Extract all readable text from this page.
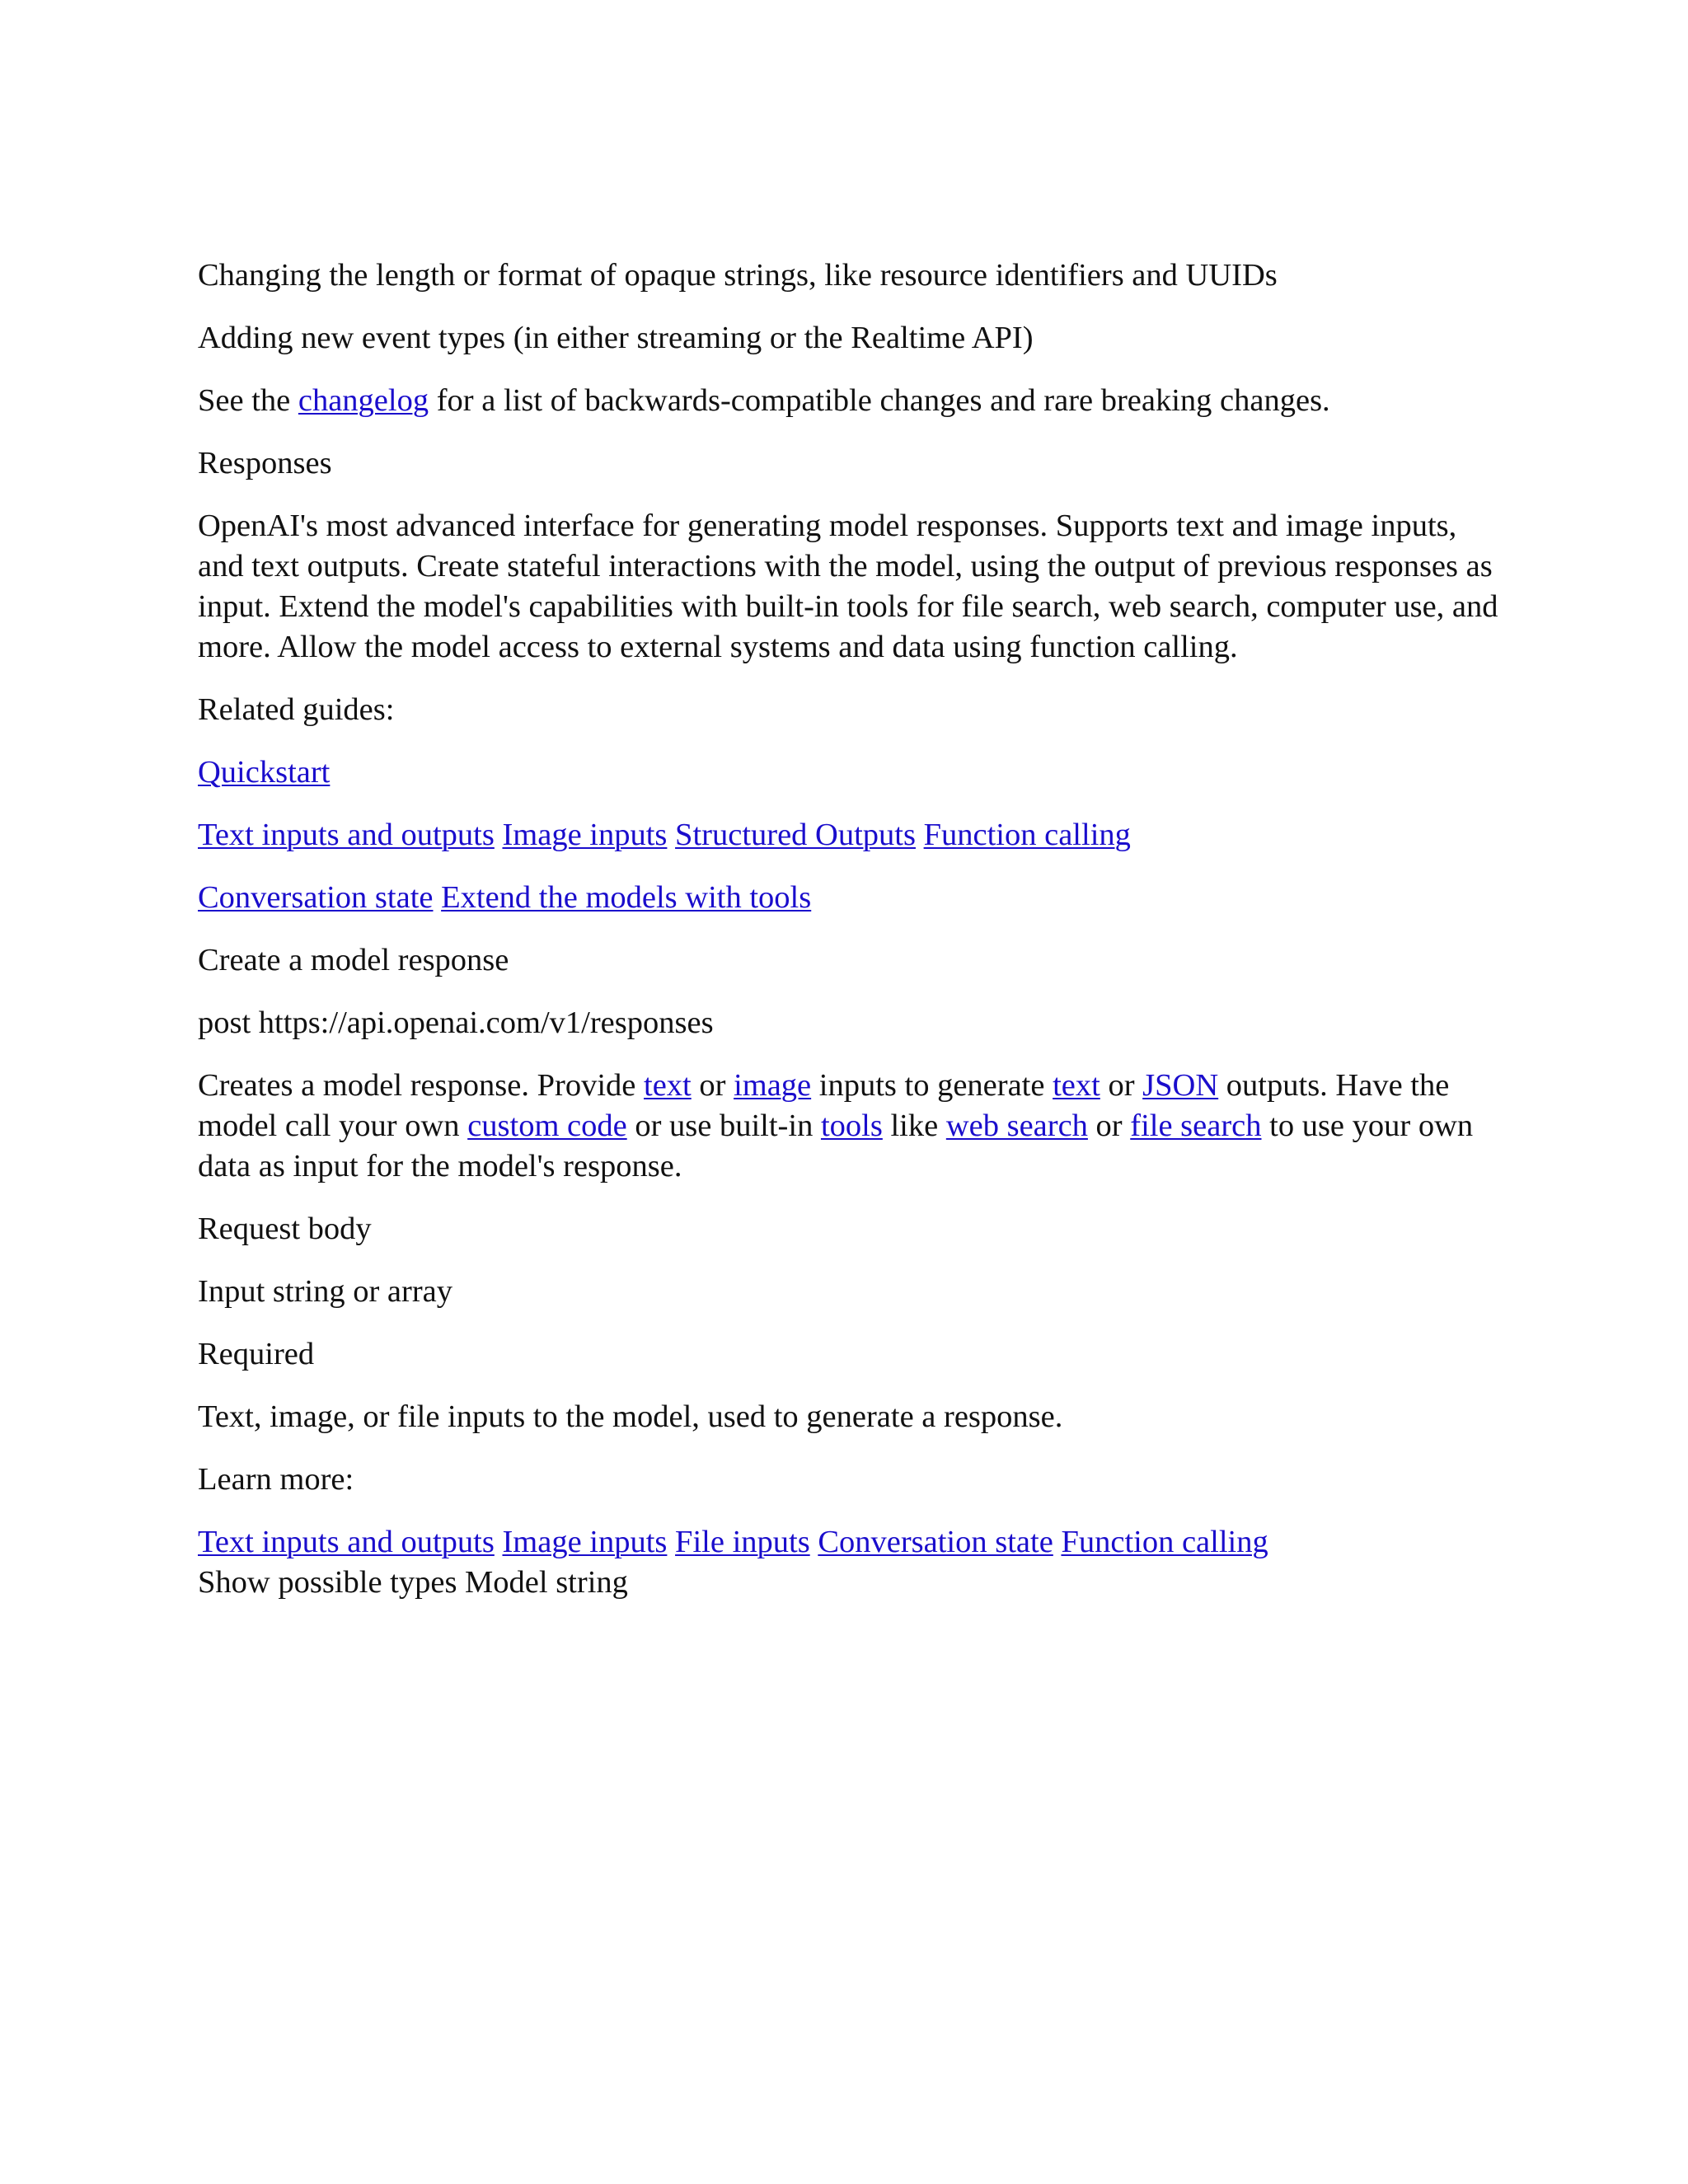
Changing the length or format of opaque strings, like resource identifiers and UUIDs

Adding new event types (in either streaming or the Realtime API)

See the changelog for a list of backwards-compatible changes and rare breaking changes.

Responses

OpenAI's most advanced interface for generating model responses. Supports text and image inputs, and text outputs. Create stateful interactions with the model, using the output of previous responses as input. Extend the model's capabilities with built-in tools for file search, web search, computer use, and more. Allow the model access to external systems and data using function calling.

Related guides:

Quickstart

Text inputs and outputs Image inputs Structured Outputs Function calling

Conversation state Extend the models with tools

Create a model response

post https://api.openai.com/v1/responses

Creates a model response. Provide text or image inputs to generate text or JSON outputs. Have the model call your own custom code or use built-in tools like web search or file search to use your own data as input for the model's response.

Request body

Input string or array

Required

Text, image, or file inputs to the model, used to generate a response.

Learn more:

Text inputs and outputs Image inputs File inputs Conversation state Function calling

Show possible types Model string
